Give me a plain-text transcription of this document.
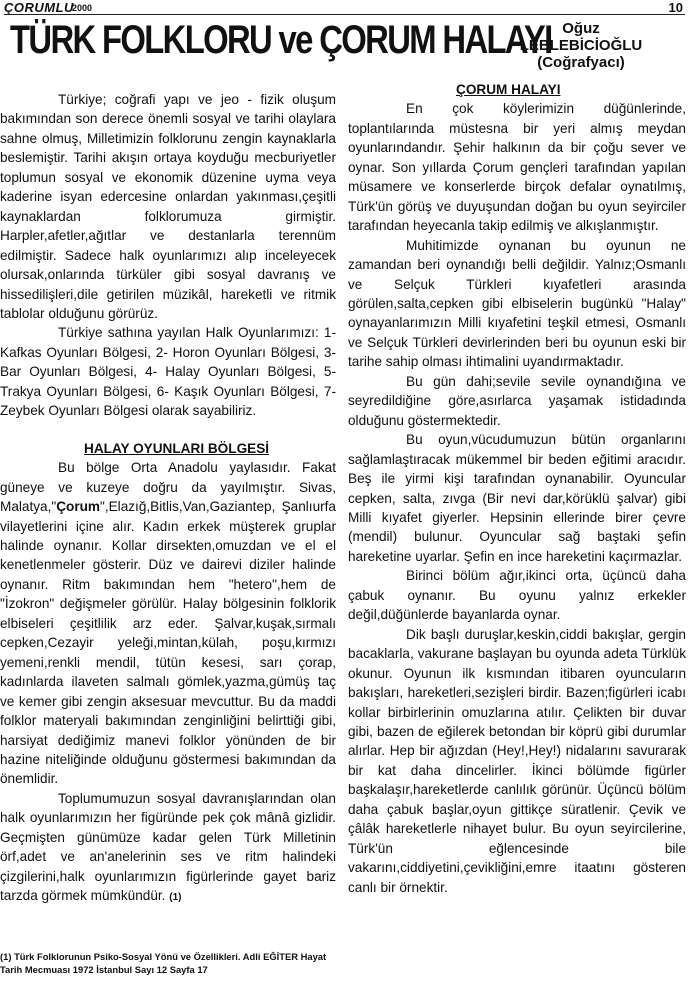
ÇORUMLU
2000	10
TÜRK FOLKLORU ve ÇORUM HALAYI Oğuz
LEBLEBİCİOĞLU
(Coğrafyacı)

Türkiye; coğrafi yapı ve jeo - fizik oluşum bakımından son derece önemli sosyal ve tarihi olaylara sahne olmuş, Milletimizin folklorunu zengin kaynaklarla beslemiştir. Tarihi akışın ortaya koyduğu mecburiyetler toplumun sosyal ve ekonomik düzenine uyma veya kaderine isyan edercesine onlardan yakınması,çeşitli kaynaklardan folklorumuza girmiştir. Harpler,afetler,ağıtlar ve destanlarla terennüm edilmiştir. Sadece halk oyunlarımızı alıp inceleyecek olursak,onlarında türküler gibi sosyal davranış ve hissedilişleri,dile getirilen müzikâl, hareketli ve ritmik tablolar olduğunu görürüz.

Türkiye sathına yayılan Halk Oyunlarımızı: 1- Kafkas Oyunları Bölgesi, 2- Horon Oyunları Bölgesi, 3- Bar Oyunları Bölgesi, 4- Halay Oyunları Bölgesi, 5- Trakya Oyunları Bölgesi, 6- Kaşık Oyunları Bölgesi, 7- Zeybek Oyunları Bölgesi olarak sayabiliriz.

HALAY OYUNLARI BÖLGESİ

Bu bölge Orta Anadolu yaylasıdır. Fakat güneye ve kuzeye doğru da yayılmıştır. Sivas, Malatya,"Çorum",Elazığ,Bitlis,Van,Gaziantep, Şanlıurfa vilayetlerini içine alır. Kadın erkek müşterek gruplar halinde oynanır. Kollar dirsekten,omuzdan ve el el kenetlenmeler gösterir. Düz ve dairevi diziler halinde oynanır. Ritm bakımından hem "hetero",hem de "İzokron" değişmeler görülür. Halay bölgesinin folklorik elbiseleri çeşitlilik arz eder. Şalvar,kuşak,sırmalı cepken,Cezayir yeleği,mintan,külah, poşu,kırmızı yemeni,renkli mendil, tütün kesesi, sarı çorap, kadınlarda ilaveten salmalı gömlek,yazma,gümüş taç ve kemer gibi zengin aksesuar mevcuttur. Bu da maddi folklor materyali bakımından zenginliğini belirttiği gibi, harsiyat dediğimiz manevi folklor yönünden de bir hazine niteliğinde olduğunu göstermesi bakımından da önemlidir.

Toplumumuzun sosyal davranışlarından olan halk oyunlarımızın her figüründe pek çok mânâ gizlidir. Geçmişten günümüze kadar gelen Türk Milletinin örf,adet ve an'anelerinin ses ve ritm halindeki çizgilerini,halk oyunlarımızın figürlerinde gayet bariz tarzda görmek mümkündür. (1)

(1) Türk Folklorunun Psiko-Sosyal Yönü ve Özellikleri. Adli EĞİTER Hayat Tarih Mecmuası 1972 İstanbul Sayı 12 Sayfa 17

ÇORUM HALAYI

En çok köylerimizin düğünlerinde, toplantılarında müstesna bir yeri almış meydan oyunlarındandır. Şehir halkının da bir çoğu sever ve oynar. Son yıllarda Çorum gençleri tarafından yapılan müsamere ve konserlerde birçok defalar oynatılmış, Türk'ün görüş ve duyuşundan doğan bu oyun seyirciler tarafından heyecanla takip edilmiş ve alkışlanmıştır.

Muhitimizde oynanan bu oyunun ne zamandan beri oynandığı belli değildir. Yalnız;Osmanlı ve Selçuk Türkleri kıyafetleri arasında görülen,salta,cepken gibi elbiselerin bugünkü "Halay" oynayanlarımızın Milli kıyafetini teşkil etmesi, Osmanlı ve Selçuk Türkleri devirlerinden beri bu oyunun eski bir tarihe sahip olması ihtimalini uyandırmaktadır.

Bu gün dahi;sevile sevile oynandığına ve seyredildiğine göre,asırlarca yaşamak istidadında olduğunu göstermektedir.

Bu oyun,vücudumuzun bütün organlarını sağlamlaştıracak mükemmel bir beden eğitimi aracıdır. Beş ile yirmi kişi tarafından oynanabilir. Oyuncular cepken, salta, zıvga (Bir nevi dar,körüklü şalvar) gibi Milli kıyafet giyerler. Hepsinin ellerinde birer çevre (mendil) bulunur. Oyuncular sağ baştaki şefin hareketine uyarlar. Şefin en ince hareketini kaçırmazlar.

Birinci bölüm ağır,ikinci orta, üçüncü daha çabuk oynanır. Bu oyunu yalnız erkekler değil,düğünlerde bayanlarda oynar.

Dik başlı duruşlar,keskin,ciddi bakışlar, gergin bacaklarla, vakurane başlayan bu oyunda adeta Türklük okunur. Oyunun ilk kısmından itibaren oyuncuların bakışları, hareketleri,sezişleri birdir. Bazen;figürleri icabı kollar birbirlerinin omuzlarına atılır. Çelikten bir duvar gibi, bazen de eğilerek betondan bir köprü gibi durumlar alırlar. Hep bir ağızdan (Hey!,Hey!) nidalarını savurarak bir kat daha dincelirler. İkinci bölümde figürler başkalaşır,hareketlerde canlılık görünür. Üçüncü bölüm daha çabuk başlar,oyun gittikçe süratlenir. Çevik ve çâlâk hareketlerle nihayet bulur. Bu oyun seyircilerine, Türk'ün eğlencesinde bile vakarını,ciddiyetini,çevikliğini,emre itaatını gösteren canlı bir örnektir.
